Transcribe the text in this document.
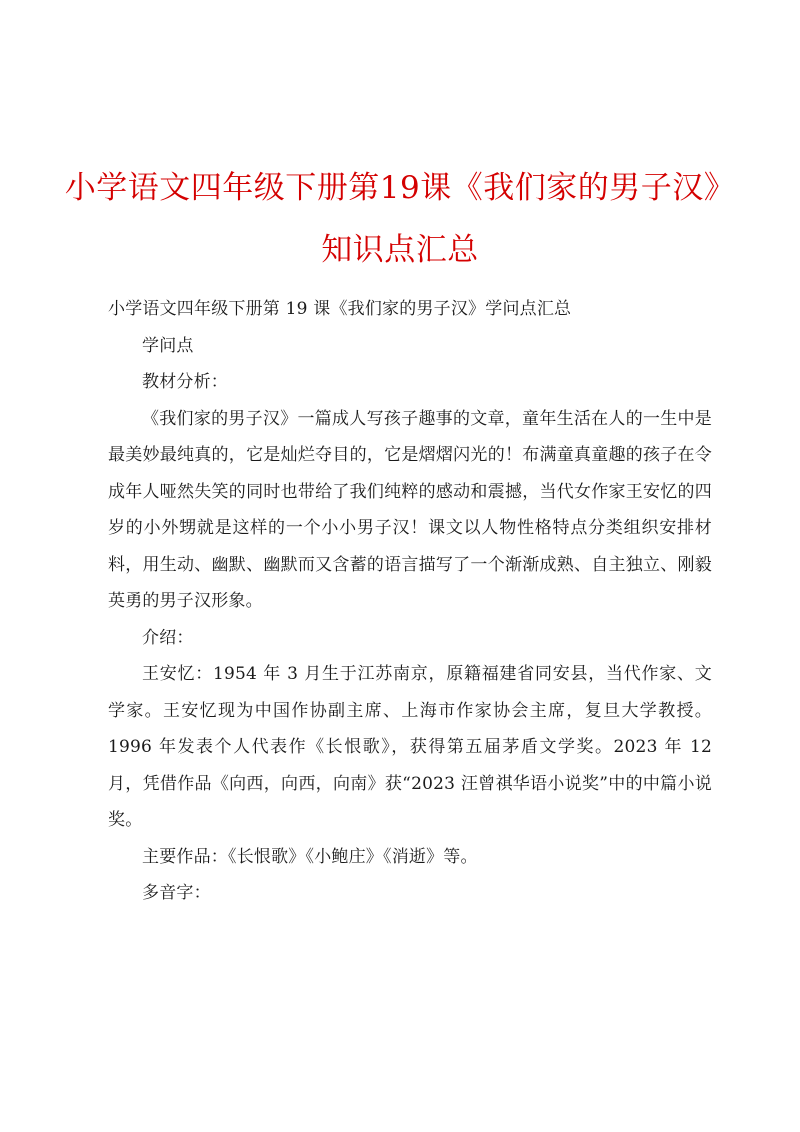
小学语文四年级下册第19课《我们家的男子汉》
知识点汇总

小学语文四年级下册第 19 课《我们家的男子汉》学问点汇总

学问点

教材分析：

《我们家的男子汉》一篇成人写孩子趣事的文章，童年生活在人的一生中是最美妙最纯真的，它是灿烂夺目的，它是熠熠闪光的！布满童真童趣的孩子在令成年人哑然失笑的同时也带给了我们纯粹的感动和震撼，当代女作家王安忆的四岁的小外甥就是这样的一个小小男子汉！课文以人物性格特点分类组织安排材料，用生动、幽默、幽默而又含蓄的语言描写了一个渐渐成熟、自主独立、刚毅英勇的男子汉形象。

介绍：

王安忆：1954 年 3 月生于江苏南京，原籍福建省同安县，当代作家、文学家。王安忆现为中国作协副主席、上海市作家协会主席，复旦大学教授。1996 年发表个人代表作《长恨歌》，获得第五届茅盾文学奖。2023 年 12 月，凭借作品《向西，向西，向南》获“2023 汪曾祺华语小说奖”中的中篇小说奖。

主要作品：《长恨歌》《小鲍庄》《消逝》等。

多音字：
